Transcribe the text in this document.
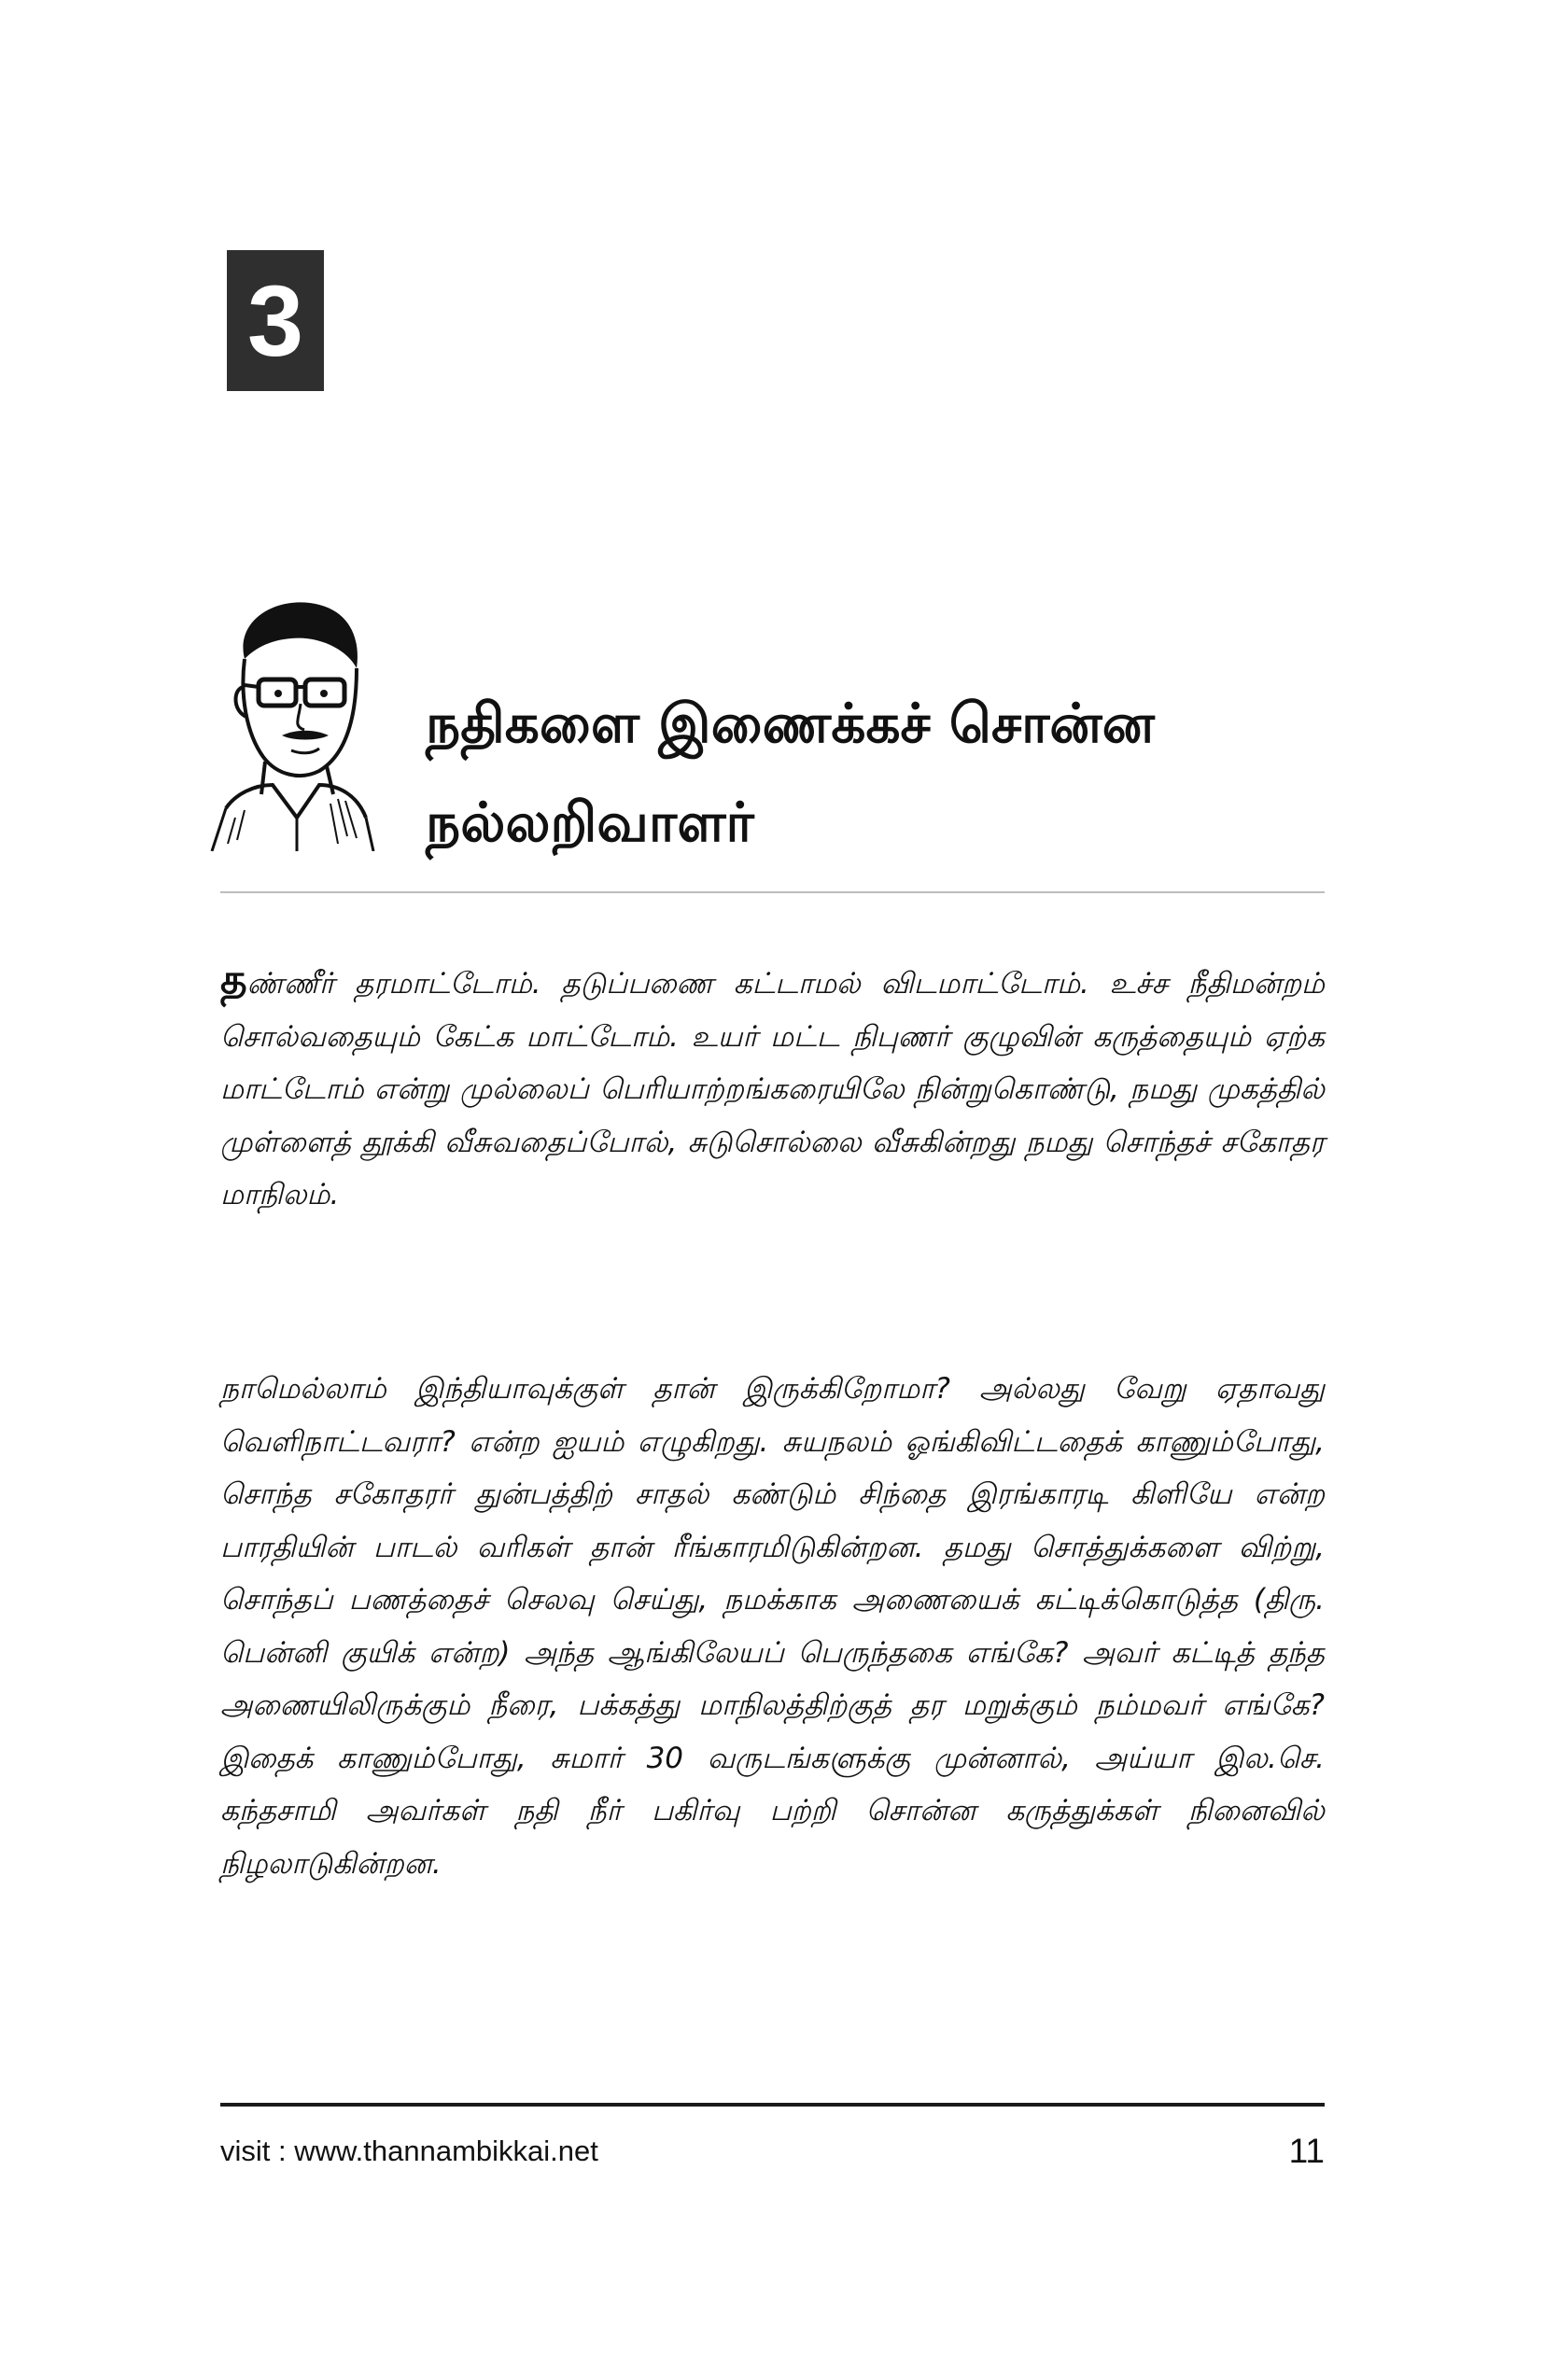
3
நதிகளை இணைக்கச் சொன்ன
நல்லறிவாளர்

தண்ணீர் தரமாட்டோம். தடுப்பணை கட்டாமல் விடமாட்டோம். உச்ச நீதிமன்றம் சொல்வதையும் கேட்க மாட்டோம். உயர் மட்ட நிபுணர் குழுவின் கருத்தையும் ஏற்க மாட்டோம் என்று முல்லைப் பெரியாற்றங்கரையிலே நின்றுகொண்டு, நமது முகத்தில் முள்ளைத் தூக்கி வீசுவதைப்போல், சுடுசொல்லை வீசுகின்றது நமது சொந்தச் சகோதர மாநிலம்.

நாமெல்லாம் இந்தியாவுக்குள் தான் இருக்கிறோமா? அல்லது வேறு ஏதாவது வெளிநாட்டவரா? என்ற ஐயம் எழுகிறது. சுயநலம் ஓங்கிவிட்டதைக் காணும்போது, சொந்த சகோதரர் துன்பத்திற் சாதல் கண்டும் சிந்தை இரங்காரடி கிளியே என்ற பாரதியின் பாடல் வரிகள் தான் ரீங்காரமிடுகின்றன. தமது சொத்துக்களை விற்று, சொந்தப் பணத்தைச் செலவு செய்து, நமக்காக அணையைக் கட்டிக்கொடுத்த (திரு. பென்னி குயிக் என்ற) அந்த ஆங்கிலேயப் பெருந்தகை எங்கே? அவர் கட்டித் தந்த அணையிலிருக்கும் நீரை, பக்கத்து மாநிலத்திற்குத் தர மறுக்கும் நம்மவர் எங்கே? இதைக் காணும்போது, சுமார் 30 வருடங்களுக்கு முன்னால், அய்யா இல.செ. கந்தசாமி அவர்கள் நதி நீர் பகிர்வு பற்றி சொன்ன கருத்துக்கள் நினைவில் நிழலாடுகின்றன.

visit : www.thannambikkai.net	11
